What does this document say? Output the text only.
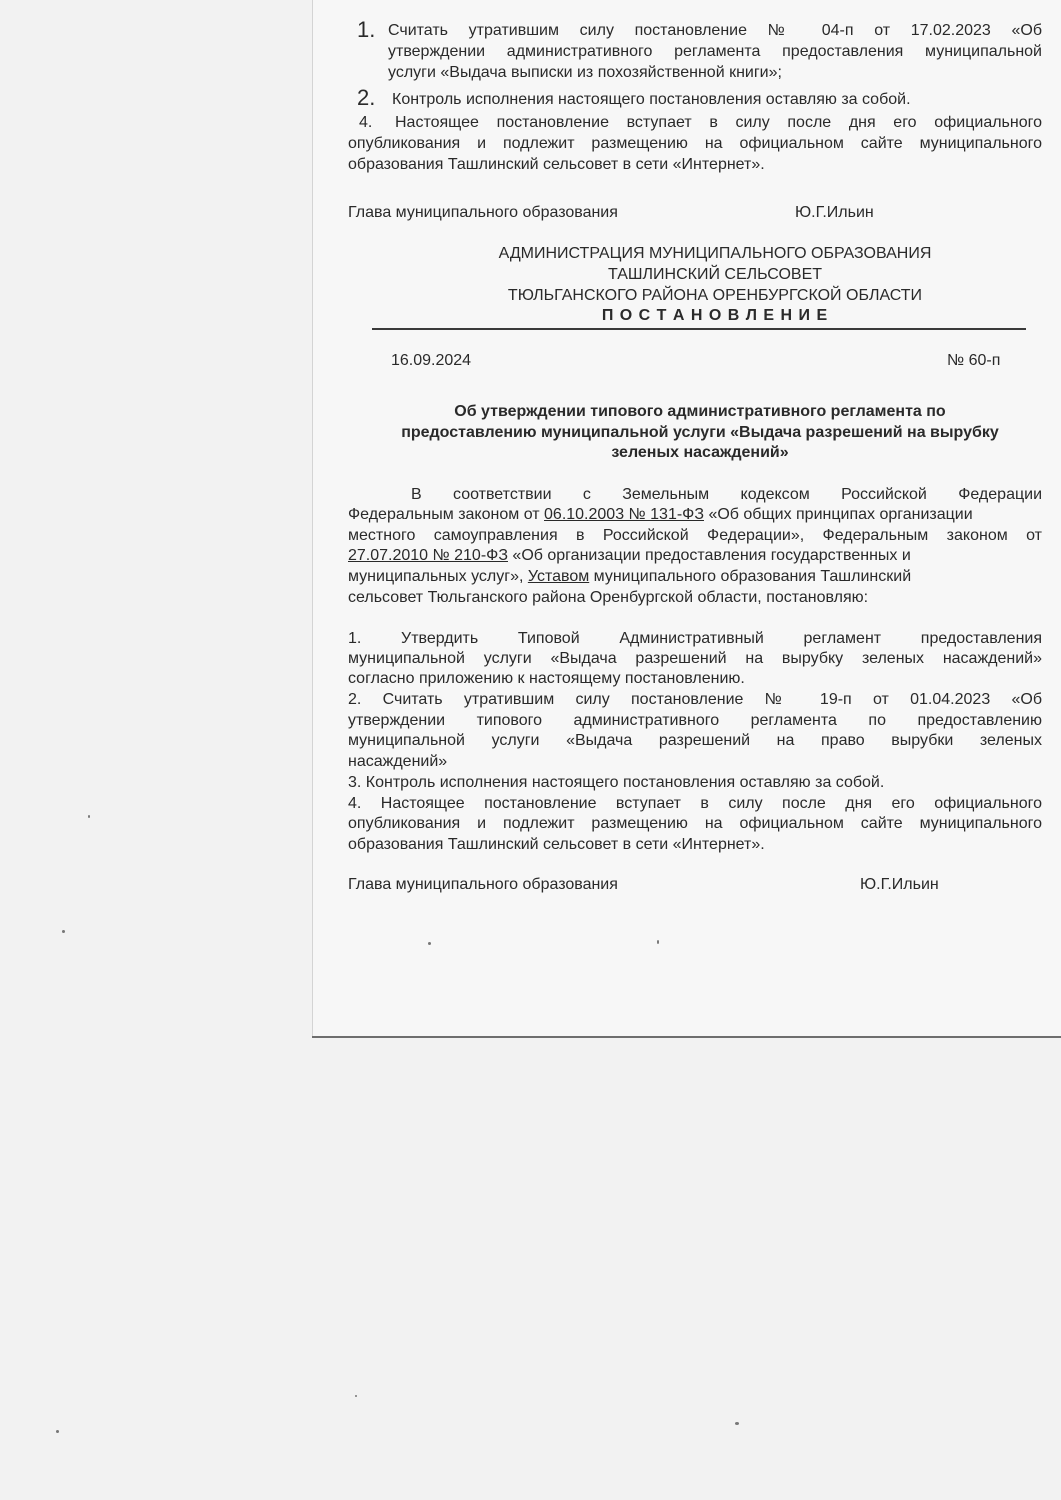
1. Считать утратившим силу постановление № 04-п от 17.02.2023 «Об
утверждении административного регламента предоставления муниципальной
услуги «Выдача выписки из похозяйственной книги»;
2. Контроль исполнения настоящего постановления оставляю за собой.
4. Настоящее постановление вступает в силу после дня его официального
опубликования и подлежит размещению на официальном сайте муниципального
образования Ташлинский сельсовет в сети «Интернет».
Глава муниципального образования	Ю.Г.Ильин
АДМИНИСТРАЦИЯ МУНИЦИПАЛЬНОГО ОБРАЗОВАНИЯ
ТАШЛИНСКИЙ СЕЛЬСОВЕТ
ТЮЛЬГАНСКОГО РАЙОНА ОРЕНБУРГСКОЙ ОБЛАСТИ
П О С Т А Н О В Л Е Н И Е
16.09.2024	№ 60-п
Об утверждении типового административного регламента по
предоставлению муниципальной услуги «Выдача разрешений на вырубку
зеленых насаждений»
В соответствии с Земельным кодексом Российской Федерации
Федеральным законом от 06.10.2003 № 131-ФЗ «Об общих принципах организации
местного самоуправления в Российской Федерации», Федеральным законом от
27.07.2010 № 210-ФЗ «Об организации предоставления государственных и
муниципальных услуг», Уставом муниципального образования Ташлинский
сельсовет Тюльганского района Оренбургской области, постановляю:
1. Утвердить Типовой Административный регламент предоставления
муниципальной услуги «Выдача разрешений на вырубку зеленых насаждений»
согласно приложению к настоящему постановлению.
2. Считать утратившим силу постановление № 19-п от 01.04.2023 «Об
утверждении типового административного регламента по предоставлению
муниципальной услуги «Выдача разрешений на право вырубки зеленых
насаждений»
3. Контроль исполнения настоящего постановления оставляю за собой.
4. Настоящее постановление вступает в силу после дня его официального
опубликования и подлежит размещению на официальном сайте муниципального
образования Ташлинский сельсовет в сети «Интернет».
Глава муниципального образования	Ю.Г.Ильин
